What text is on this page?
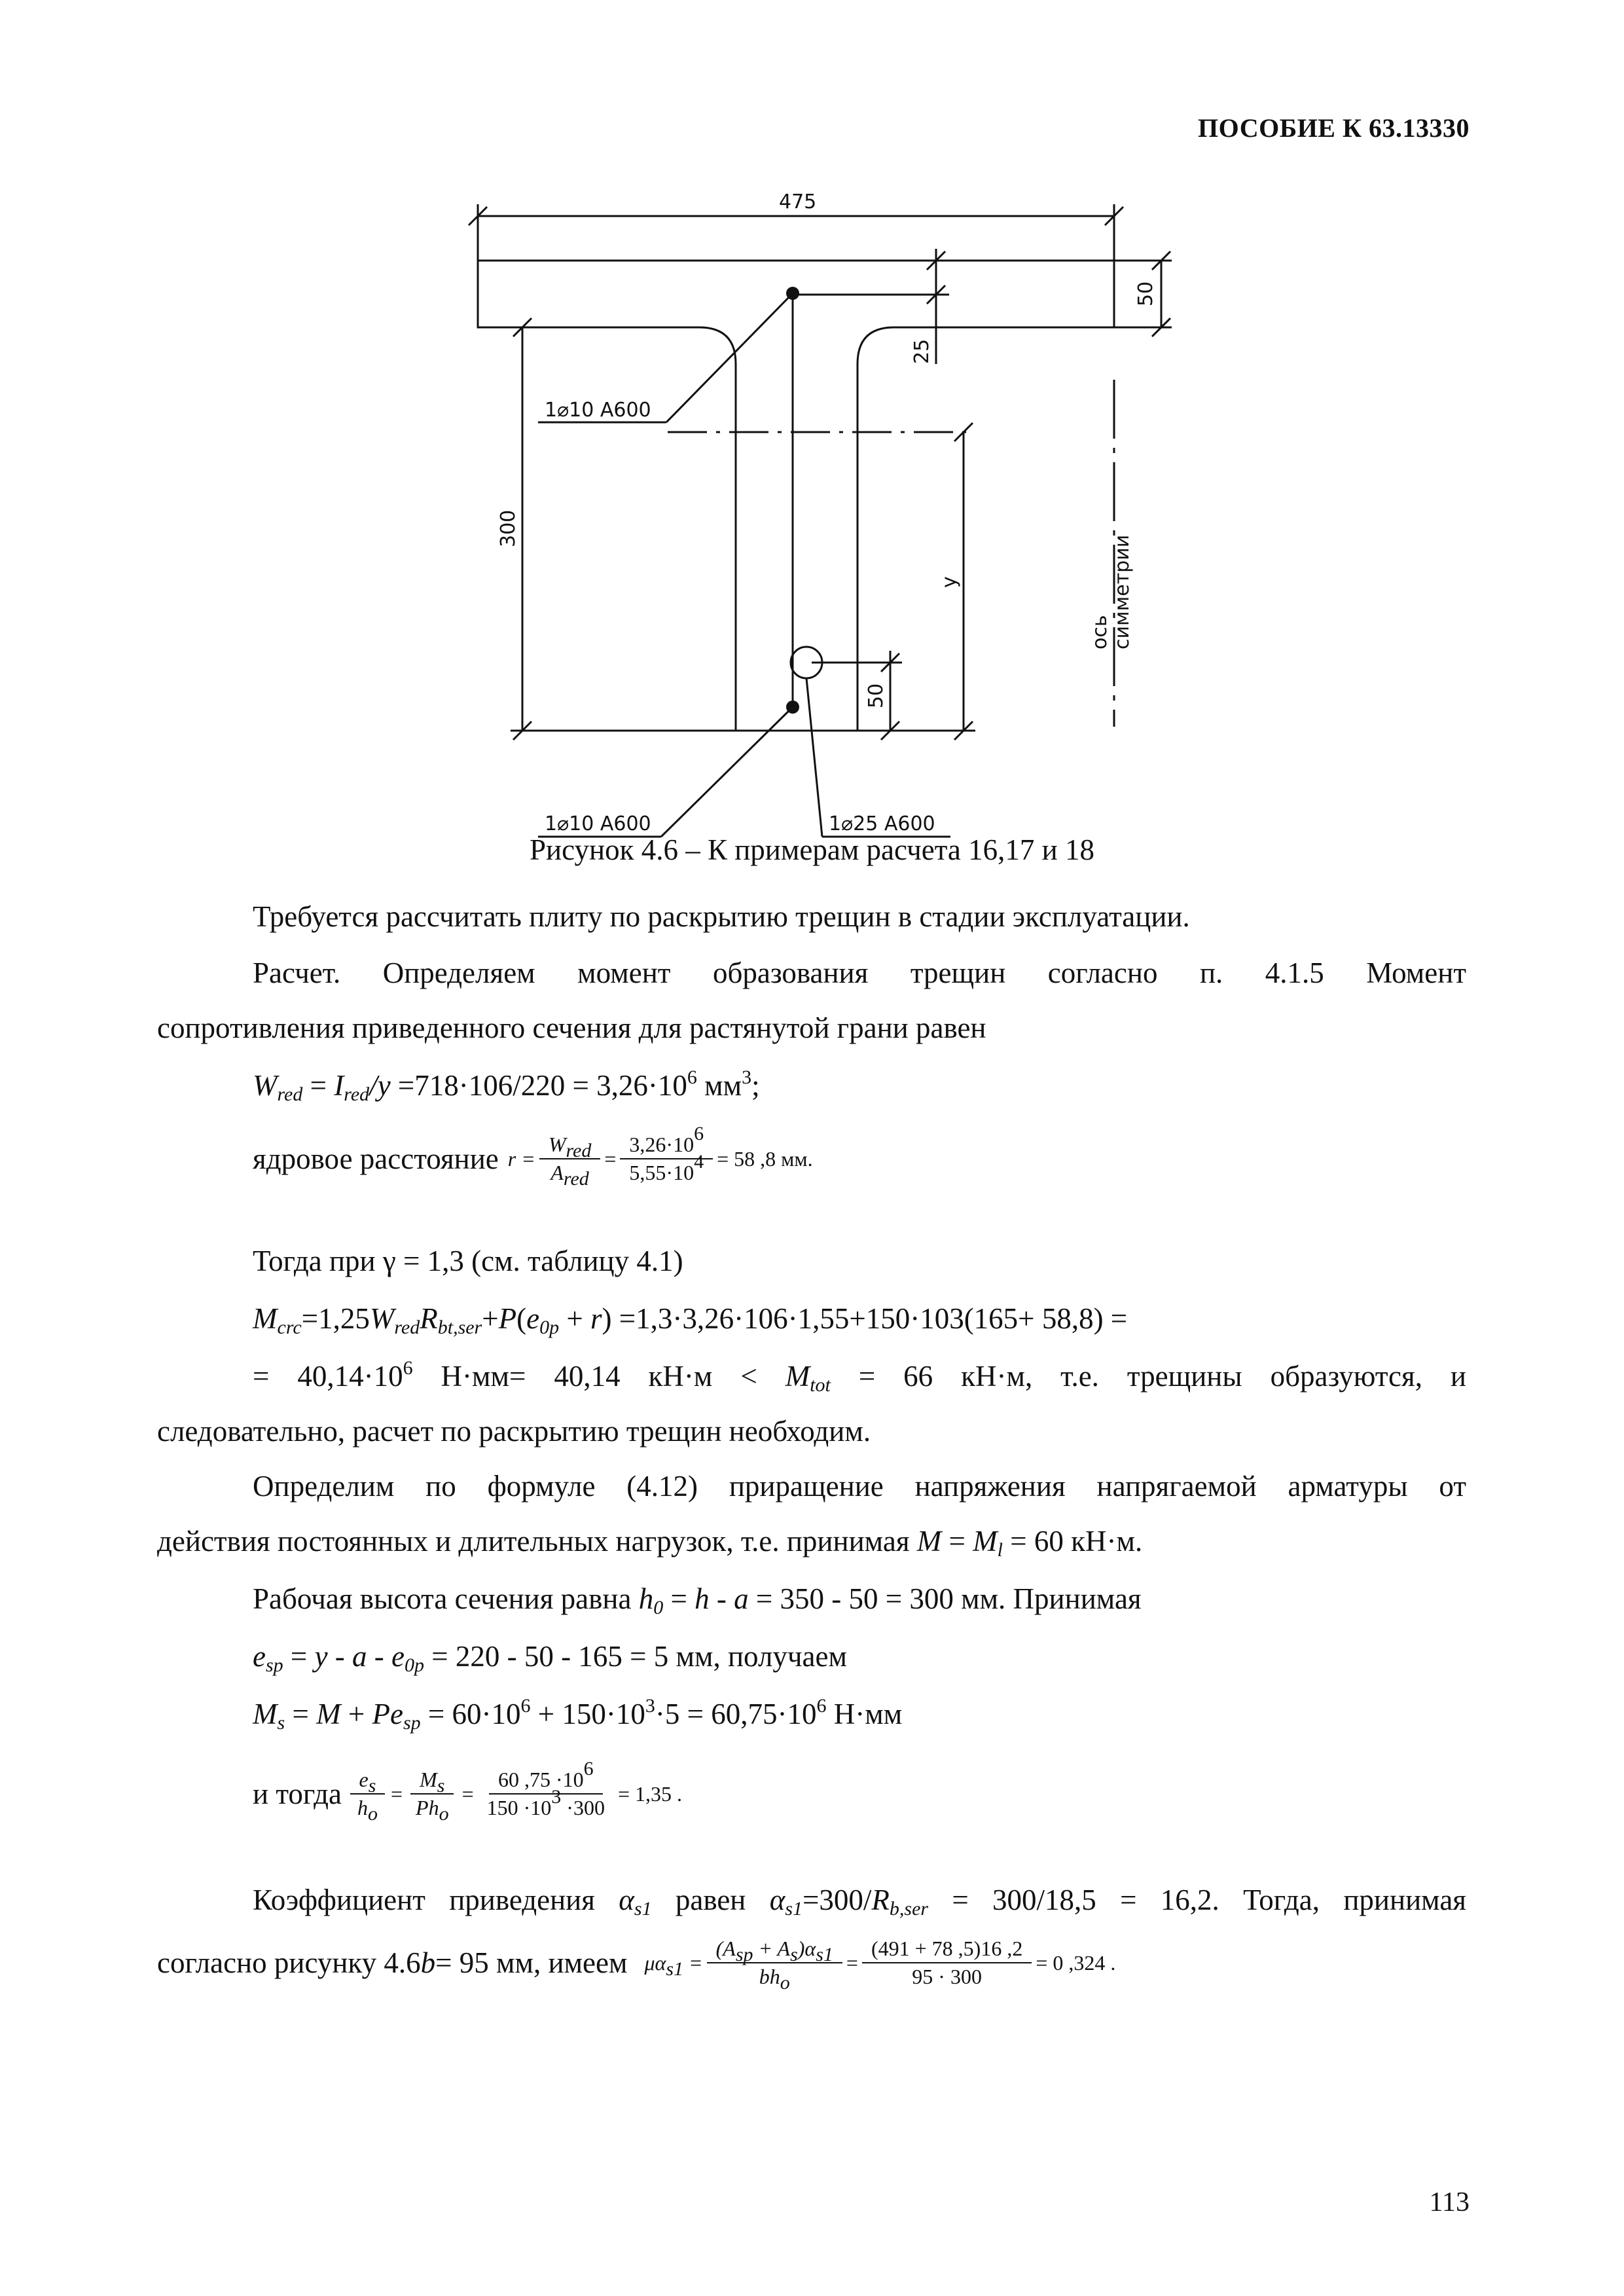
ПОСОБИЕ К 63.13330
475
50
25
300
y
50
ось симметрии
1⌀10 A600
1⌀10 A600	1⌀25 A600
Рисунок 4.6 – К примерам расчета 16,17 и 18
Требуется рассчитать плиту по раскрытию трещин в стадии эксплуатации.
Расчет. Определяем момент образования трещин согласно п. 4.1.5 Момент
сопротивления приведенного сечения для растянутой грани равен
$W_{red} = I_{red}/y =718\cdot 106/220 = 3,26\cdot 10^6$ $мм^3$;
ядровое расстояние $r = \frac{W_{red}}{A_{red}} = \frac{3,26\cdot 10^6}{5,55\cdot 10^4} = 58$ ,8 мм.
Тогда при γ = 1,3 (см. таблицу 4.1)
$M_{crc}=1,25W_{red}R_{bt,ser}+P(e_{0p} + r) =1,3\cdot 3,26\cdot 106\cdot 1,55+150\cdot 103(165+ 58,8)$ =
= $40,14\cdot 10^6$ Н·мм= 40,14 $кН\cdot м < M_{tot} = 66$ кН·м, т.е. трещины образуются, и
следовательно, расчет по раскрытию трещин необходим.
Определим по формуле (4.12) приращение напряжения напрягаемой арматуры от
действия постоянных и длительных нагрузок, т.е. принимая $M = M_l = 60$ кН·м.
Рабочая высота сечения равна $h_0 = h - a = 350 - 50 = 300$ мм. Принимая
$e_{sp} = y - a - e_{0p} = 220 - 50 - 165 = 5$ мм, получаем
$M_s = M + Pe_{sp} = 60\cdot 10^6 + 150\cdot 10^3\cdot 5 = 60,75\cdot 10^6$ Н·мм
и тогда $\frac{e_s}{h_o} = \frac{M_s}{Ph_o} = \frac{60 ,75 \cdot 10^6}{150 \cdot 10^3 \cdot 300} = 1,35$ .
Коэффициент приведения $\alpha_{s1}$ равен $\alpha_{s1}=300/R_{b,ser} = 300/18,5 = 16,2$. Тогда, принимая
согласно рисунку 4.6 b = 95 мм, имеем $\mu\alpha_{s1} = \frac{(A_{sp} + A_s)\alpha_{s1}}{bh_o} = \frac{(491 + 78 ,5)16 ,2}{95 \cdot 300} = 0$ ,324 .
113
